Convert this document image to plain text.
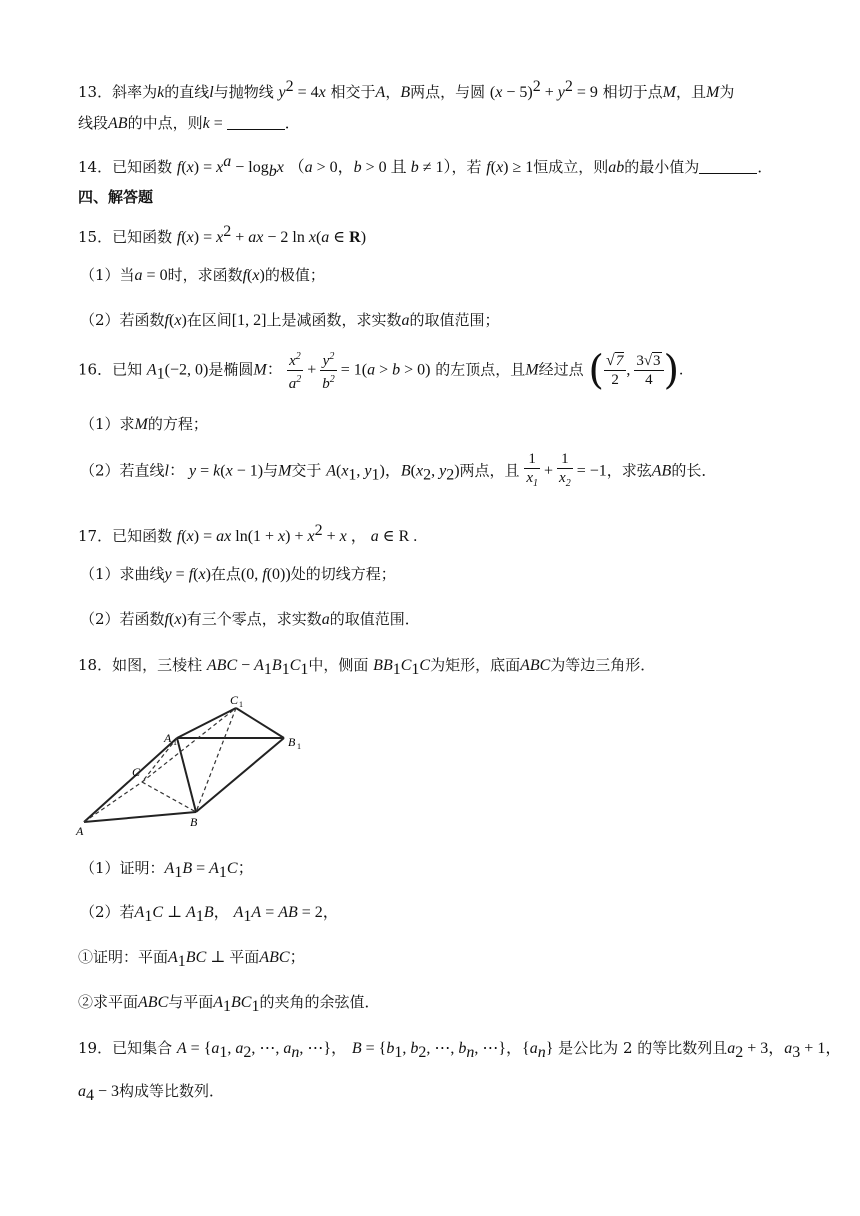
13．斜率为k的直线l与抛物线 $y^2 = 4x$ 相交于A，B两点，与圆 $(x - 5)^2 + y^2 = 9$ 相切于点M，且M为
线段AB的中点，则k =	．
14．已知函数 $f(x) = x^a - \log_bx$ （a > 0，b > 0 且 b ≠ 1），若 f(x) ≥ 1恒成立，则ab的最小值为	．
四、解答题
15．已知函数 $f(x) = x^2$ + ax − 2 ln x(a ∈ R)
（1）当a = 0时，求函数f(x)的极值；
（2）若函数f(x)在区间[1, 2]上是减函数，求实数a的取值范围；
16．已知 $A_1(-2$, 0)是椭圆M： $\frac{x^2}{a^2} + \frac{y^2}{b^2} = 1(a > b > 0)$ 的左顶点，且M经过点 ( $\frac{√7}{2}$ , $\frac{3√3}{4}$ ).
（1）求M的方程；
（2）若直线l： y = k(x − 1)与M交于 $A(x_1$, $y_1$)，$B(x_2$, $y_2$)两点，且 $\frac{1}{x_1} + \frac{1}{x_2} = -1$，求弦AB的长．
17．已知函数 f(x) = ax $\ln(1 + x) + x^2 + x$ ， a ∈ R .
（1）求曲线y = f(x)在点(0, f(0))处的切线方程；
（2）若函数f(x)有三个零点，求实数a的取值范围．
18．如图，三棱柱 ABC − $A_1B_1C_1$中，侧面 $BB_1C_1C$为矩形，底面ABC为等边三角形．
A
B
C
A 1	B 1
C 1
（1）证明：$A_1B = A_1C$；
（2）若$A_1C$ ⊥ $A_1B$， $A_1A$ = AB = 2，
①证明：平面$A_1BC$ ⊥ 平面ABC；
②求平面ABC与平面$A_1BC_1$的夹角的余弦值．
19．已知集合 $A = \{a_1$, $a_2$, ⋯, $a_n$, ⋯}， $B = \{b_1$, $b_2$, ⋯, $b_n$, ⋯}，$\{a_n\}$ 是公比为 2 的等比数列且$a_2 + 3$，$a_3 + 1$，
$a_4 - 3$构成等比数列．
